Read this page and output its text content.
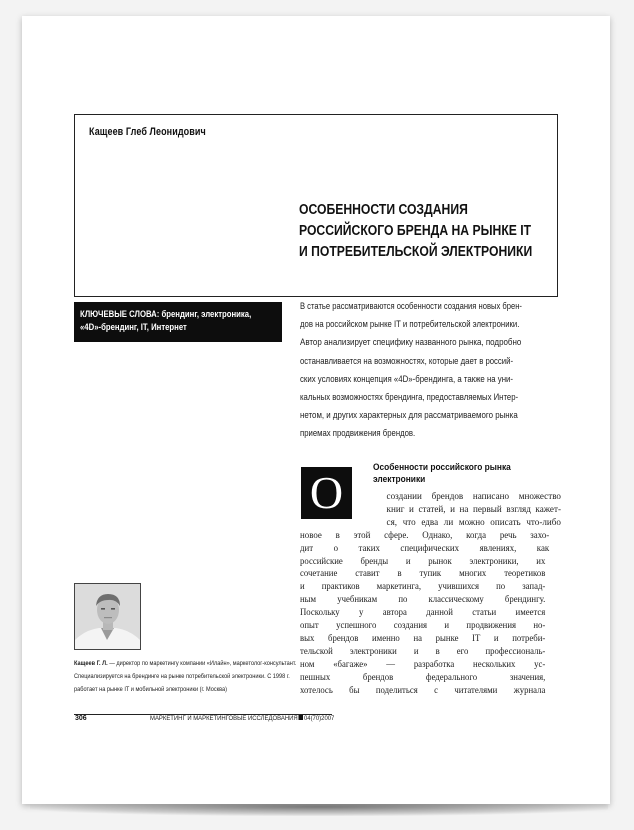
Кащеев Глеб Леонидович

ОСОБЕННОСТИ СОЗДАНИЯ
РОССИЙСКОГО БРЕНДА НА РЫНКЕ IT
И ПОТРЕБИТЕЛЬСКОЙ ЭЛЕКТРОНИКИ
КЛЮЧЕВЫЕ СЛОВА: брендинг, электроника,
«4D»-брендинг, IT, Интернет
В статье рассматриваются особенности создания новых брен-
дов на российском рынке IT и потребительской электроники.
Автор анализирует специфику названного рынка, подробно
останавливается на возможностях, которые дает в россий-
ских условиях концепция «4D»-брендинга, а также на уни-
кальных возможностях брендинга, предоставляемых Интер-
нетом, и других характерных для рассматриваемого рынка
приемах продвижения брендов.
О	Особенности российского рынка
электроники
создании брендов написано множество
книг и статей, и на первый взгляд кажет-
ся, что едва ли можно описать что-либо
новое в этой сфере. Однако, когда речь захо-
дит о таких специфических явлениях, как
российские бренды и рынок электроники, их
сочетание ставит в тупик многих теоретиков
и практиков маркетинга, учившихся по запад-
ным учебникам по классическому брендингу.
Поскольку у автора данной статьи имеется
опыт успешного создания и продвижения но-
вых брендов именно на рынке IT и потреби-
тельской электроники и в его профессиональ-
ном «багаже» — разработка нескольких ус-
пешных брендов федерального значения,
хотелось бы поделиться с читателями журнала
Кащеев Г. Л. — директор по маркетингу компании «Илайн», маркетолог-консультант.
Специализируется на брендинге на рынке потребительской электроники. С 1998 г.
работает на рынке IT и мобильной электроники (г. Москва)
306	МАРКЕТИНГ И МАРКЕТИНГОВЫЕ ИССЛЕДОВАНИЯ 04(70)2007
